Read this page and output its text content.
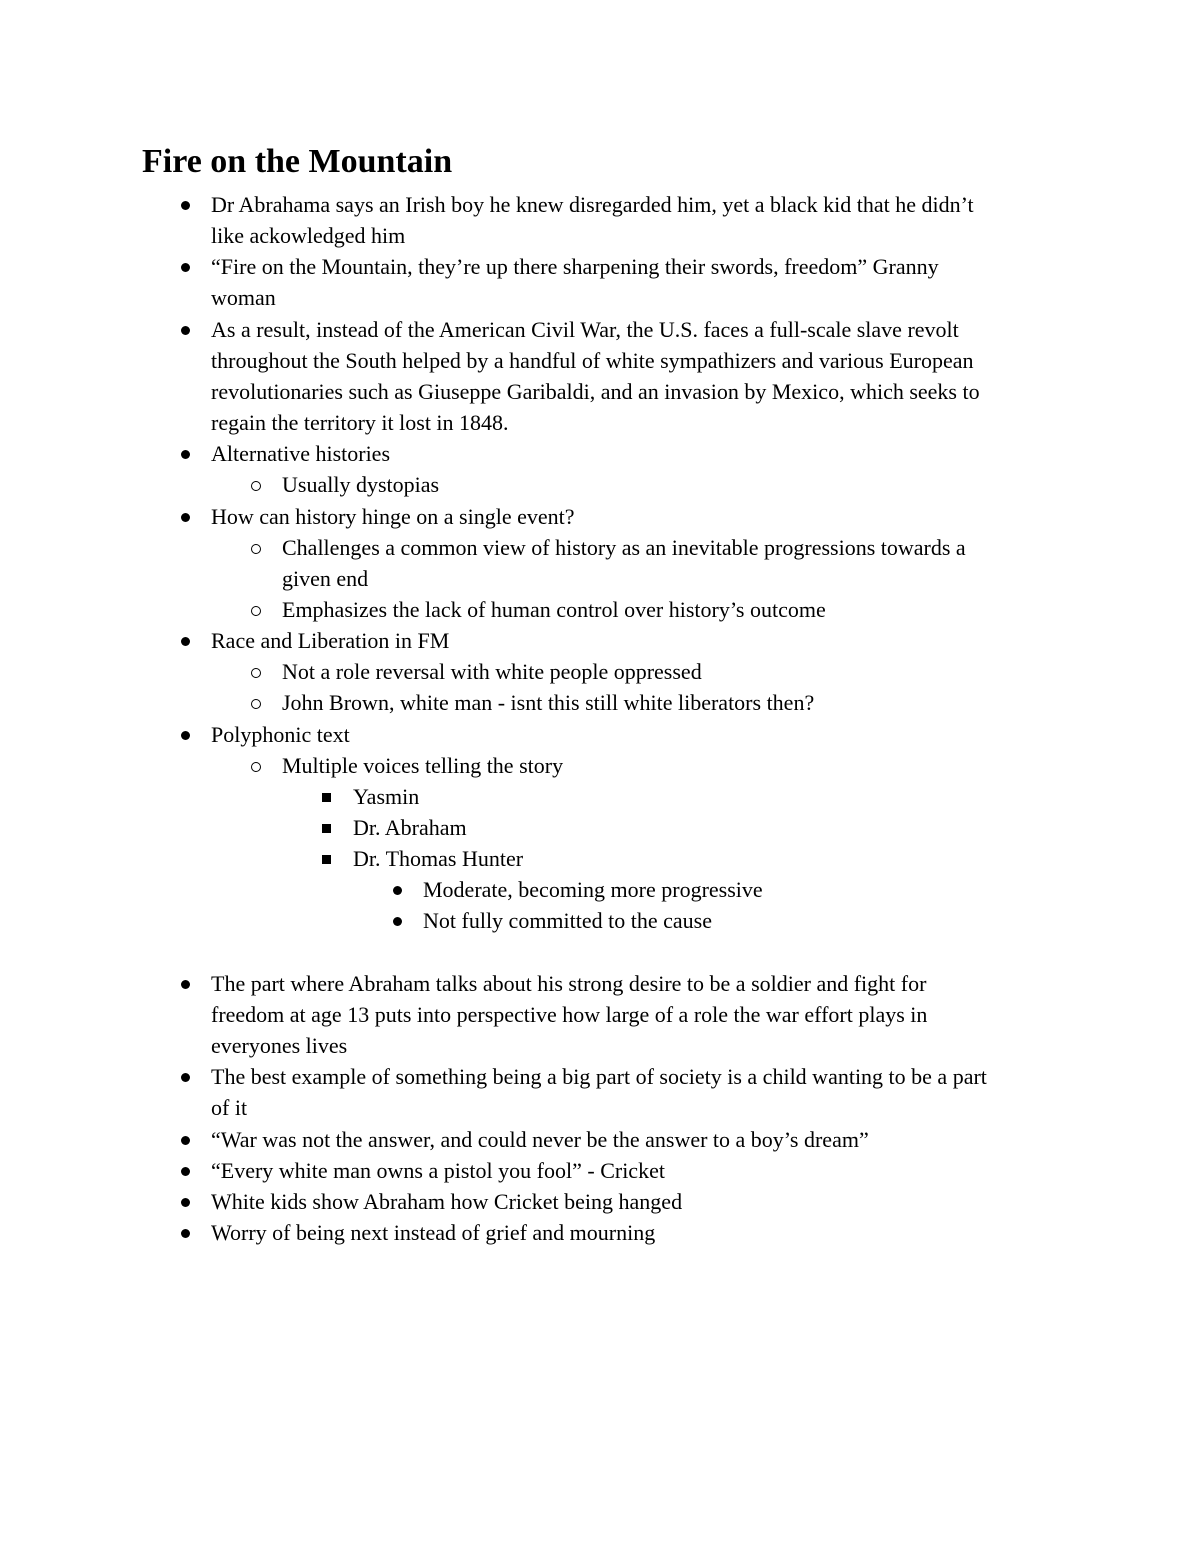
Fire on the Mountain
Dr Abrahama says an Irish boy he knew disregarded him, yet a black kid that he didn’t
like ackowledged him
“Fire on the Mountain, they’re up there sharpening their swords, freedom” Granny
woman
As a result, instead of the American Civil War, the U.S. faces a full-scale slave revolt
throughout the South helped by a handful of white sympathizers and various European
revolutionaries such as Giuseppe Garibaldi, and an invasion by Mexico, which seeks to
regain the territory it lost in 1848.
Alternative histories
Usually dystopias
How can history hinge on a single event?
Challenges a common view of history as an inevitable progressions towards a
given end
Emphasizes the lack of human control over history’s outcome
Race and Liberation in FM
Not a role reversal with white people oppressed
John Brown, white man - isnt this still white liberators then?
Polyphonic text
Multiple voices telling the story
Yasmin
Dr. Abraham
Dr. Thomas Hunter
Moderate, becoming more progressive
Not fully committed to the cause
The part where Abraham talks about his strong desire to be a soldier and fight for
freedom at age 13 puts into perspective how large of a role the war effort plays in
everyones lives
The best example of something being a big part of society is a child wanting to be a part
of it
“War was not the answer, and could never be the answer to a boy’s dream”
“Every white man owns a pistol you fool” - Cricket
White kids show Abraham how Cricket being hanged
Worry of being next instead of grief and mourning
